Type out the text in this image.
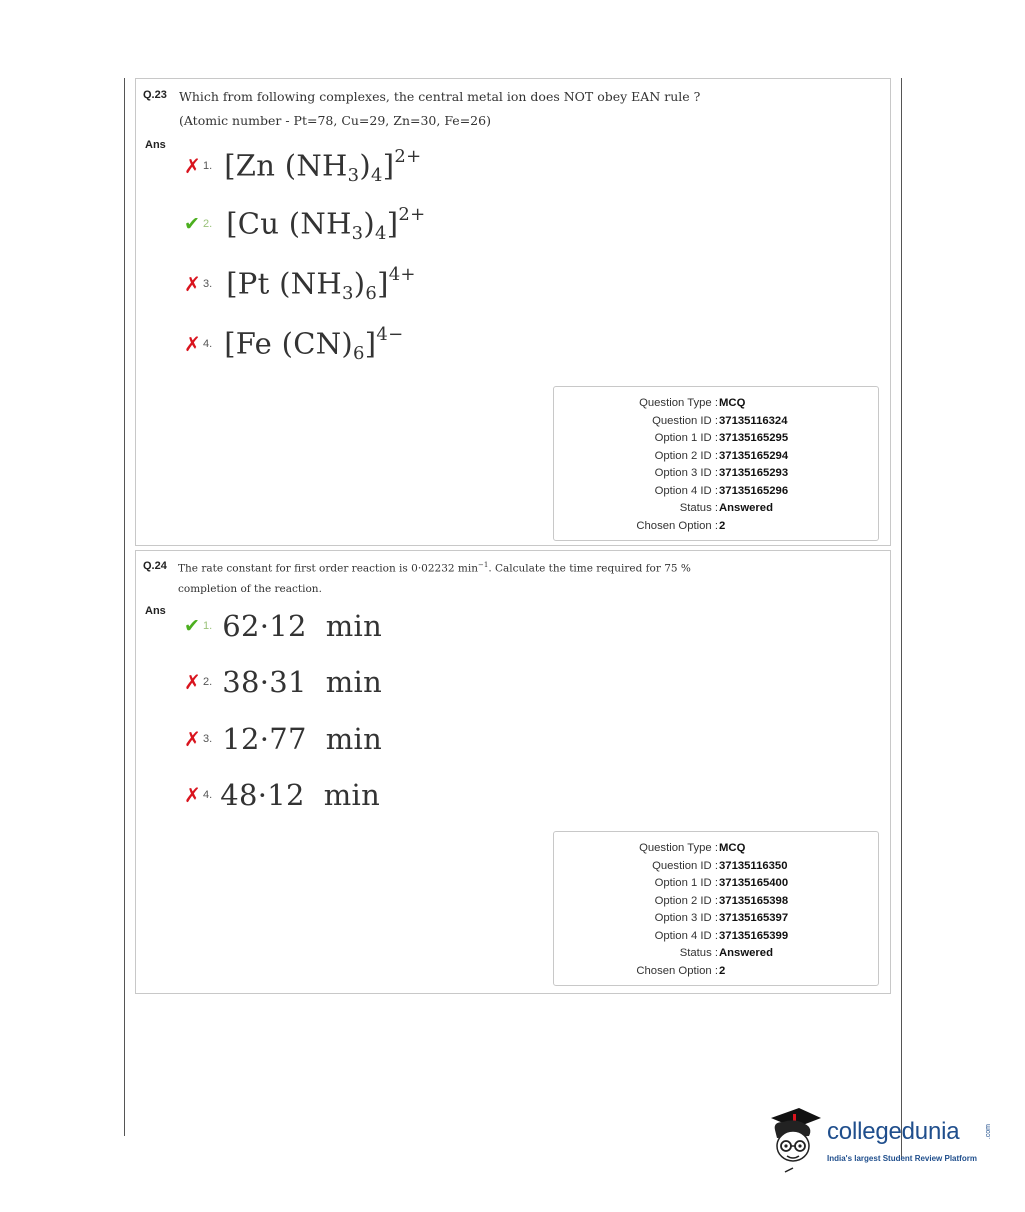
Q.23 Which from following complexes, the central metal ion does NOT obey EAN rule ?
(Atomic number - Pt=78, Cu=29, Zn=30, Fe=26)
Ans
✗ 1. [Zn $(NH_3)_4]^{2+}$
✔ 2. [Cu $(NH_3)_4]^{2+}$
✗ 3. [Pt $(NH_3)_6]^{4+}$
✗ 4. [Fe $(CN)_6]^{4-}$
Question Type : MCQ
Question ID : 37135116324
Option 1 ID : 37135165295
Option 2 ID : 37135165294
Option 3 ID : 37135165293
Option 4 ID : 37135165296
Status : Answered
Chosen Option : 2
Q.24 The rate constant for first order reaction is 0·02232 $\min^{-1}$. Calculate the time required for 75 %
completion of the reaction.
Ans
✔ 1. 62·12  min
✗ 2. 38·31  min
✗ 3. 12·77  min
✗ 4. 48·12  min
Question Type : MCQ
Question ID : 37135116350
Option 1 ID : 37135165400
Option 2 ID : 37135165398
Option 3 ID : 37135165397
Option 4 ID : 37135165399
Status : Answered
Chosen Option : 2
collegedunia	.com
India's largest Student Review Platform
